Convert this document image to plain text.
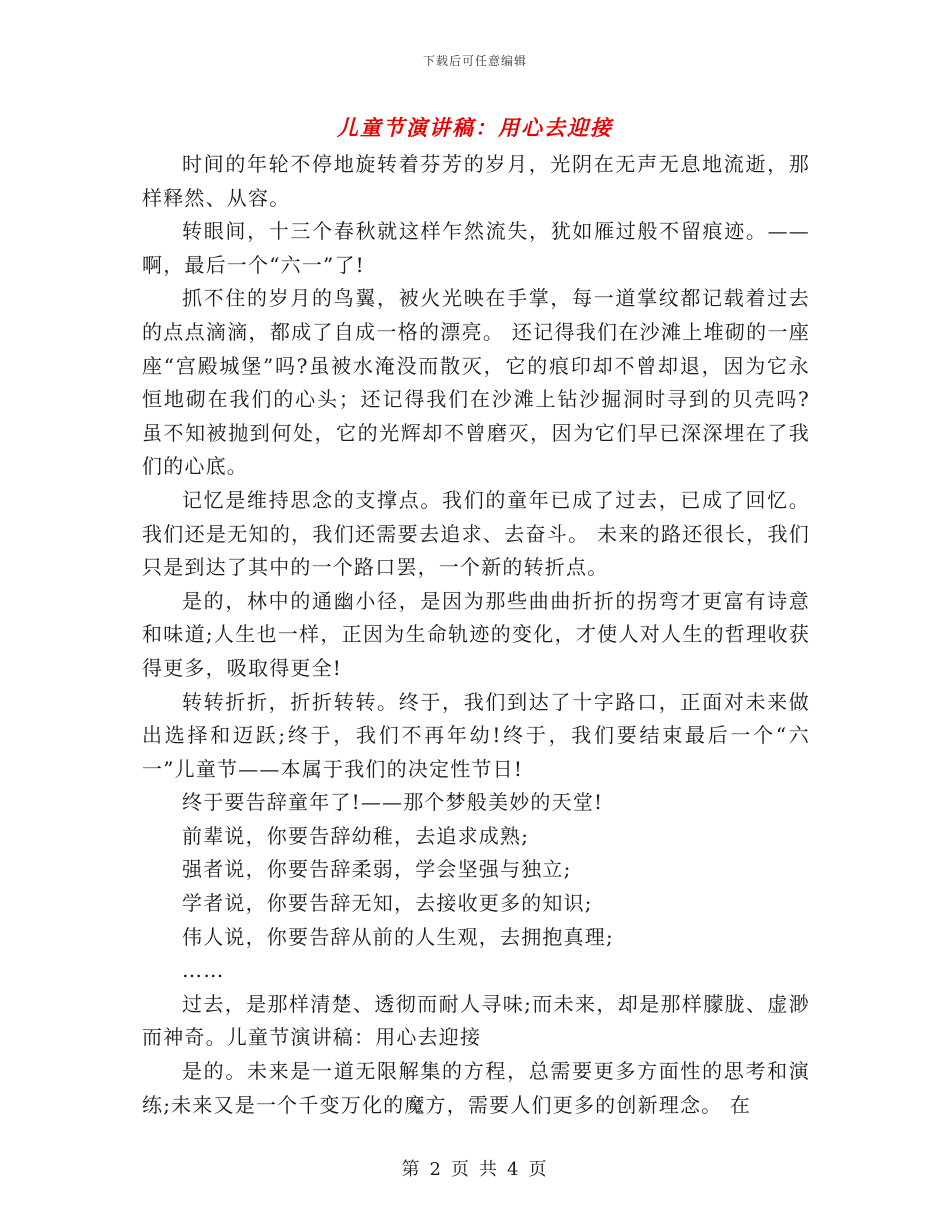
下载后可任意编辑
儿童节演讲稿：用心去迎接

时间的年轮不停地旋转着芬芳的岁月，光阴在无声无息地流逝，那样释然、从容。

转眼间，十三个春秋就这样乍然流失，犹如雁过般不留痕迹。——啊，最后一个“六一”了!

抓不住的岁月的鸟翼，被火光映在手掌，每一道掌纹都记载着过去的点点滴滴，都成了自成一格的漂亮。 还记得我们在沙滩上堆砌的一座座“宫殿城堡”吗?虽被水淹没而散灭，它的痕印却不曾却退，因为它永恒地砌在我们的心头；还记得我们在沙滩上钻沙掘洞时寻到的贝壳吗?虽不知被抛到何处，它的光辉却不曾磨灭，因为它们早已深深埋在了我们的心底。

记忆是维持思念的支撑点。我们的童年已成了过去，已成了回忆。我们还是无知的，我们还需要去追求、去奋斗。 未来的路还很长，我们只是到达了其中的一个路口罢，一个新的转折点。

是的，林中的通幽小径，是因为那些曲曲折折的拐弯才更富有诗意和味道;人生也一样，正因为生命轨迹的变化，才使人对人生的哲理收获得更多，吸取得更全!

转转折折，折折转转。终于，我们到达了十字路口，正面对未来做出选择和迈跃;终于，我们不再年幼!终于，我们要结束最后一个“六一”儿童节——本属于我们的决定性节日!

终于要告辞童年了!——那个梦般美妙的天堂!

前辈说，你要告辞幼稚，去追求成熟;

强者说，你要告辞柔弱，学会坚强与独立;

学者说，你要告辞无知，去接收更多的知识;

伟人说，你要告辞从前的人生观，去拥抱真理;

……

过去，是那样清楚、透彻而耐人寻味;而未来，却是那样朦胧、虚渺而神奇。儿童节演讲稿：用心去迎接

是的。未来是一道无限解集的方程，总需要更多方面性的思考和演练;未来又是一个千变万化的魔方，需要人们更多的创新理念。 在

第 2 页 共 4 页
